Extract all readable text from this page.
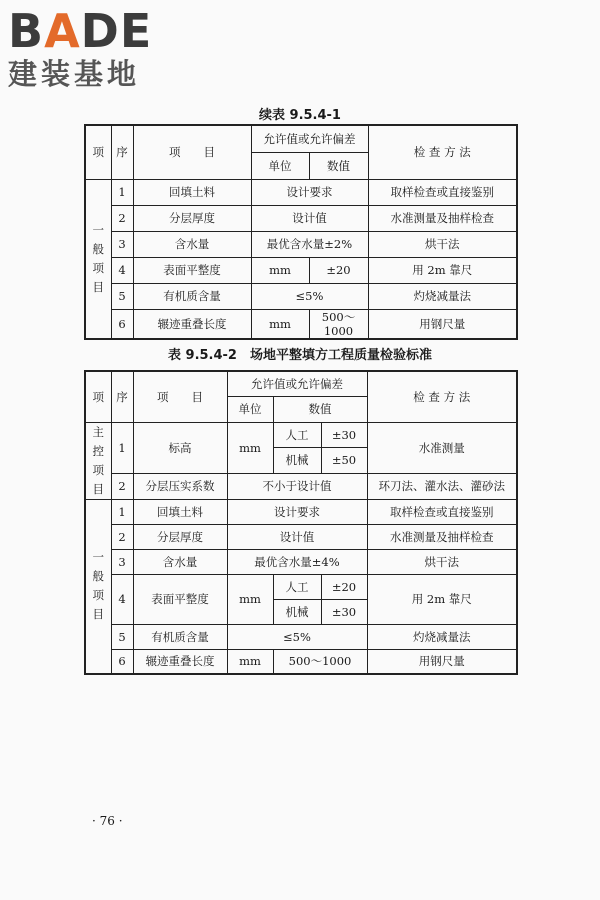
BADE
建装基地
续表 9.5.4-1
项	序	项　　目	允许值或允许偏差		检 查 方 法
			单位	数值	
一
般
项
目	1	回填土料	设计要求		取样检查或直接鉴别
	2	分层厚度	设计值		水准测量及抽样检查
	3	含水量	最优含水量±2%		烘干法
	4	表面平整度	mm	±20	用 2m 靠尺
	5	有机质含量	≤5%		灼烧减量法
	6	辗迹重叠长度	mm	500～1000	用钢尺量
表 9.5.4-2　场地平整填方工程质量检验标准
项	序	项　　目	允许值或允许偏差			检 查 方 法
			单位	数值		
主
控
项
目	1	标高	mm	人工	±30	水准测量
				机械	±50	
	2	分层压实系数	不小于设计值			环刀法、灌水法、灌砂法
一
般
项
目	1	回填土料	设计要求			取样检查或直接鉴别
	2	分层厚度	设计值			水准测量及抽样检查
	3	含水量	最优含水量±4%			烘干法
	4	表面平整度	mm	人工	±20	用 2m 靠尺
				机械	±30	
	5	有机质含量	≤5%			灼烧减量法
	6	辗迹重叠长度	mm	500～1000		用钢尺量
· 76 ·
